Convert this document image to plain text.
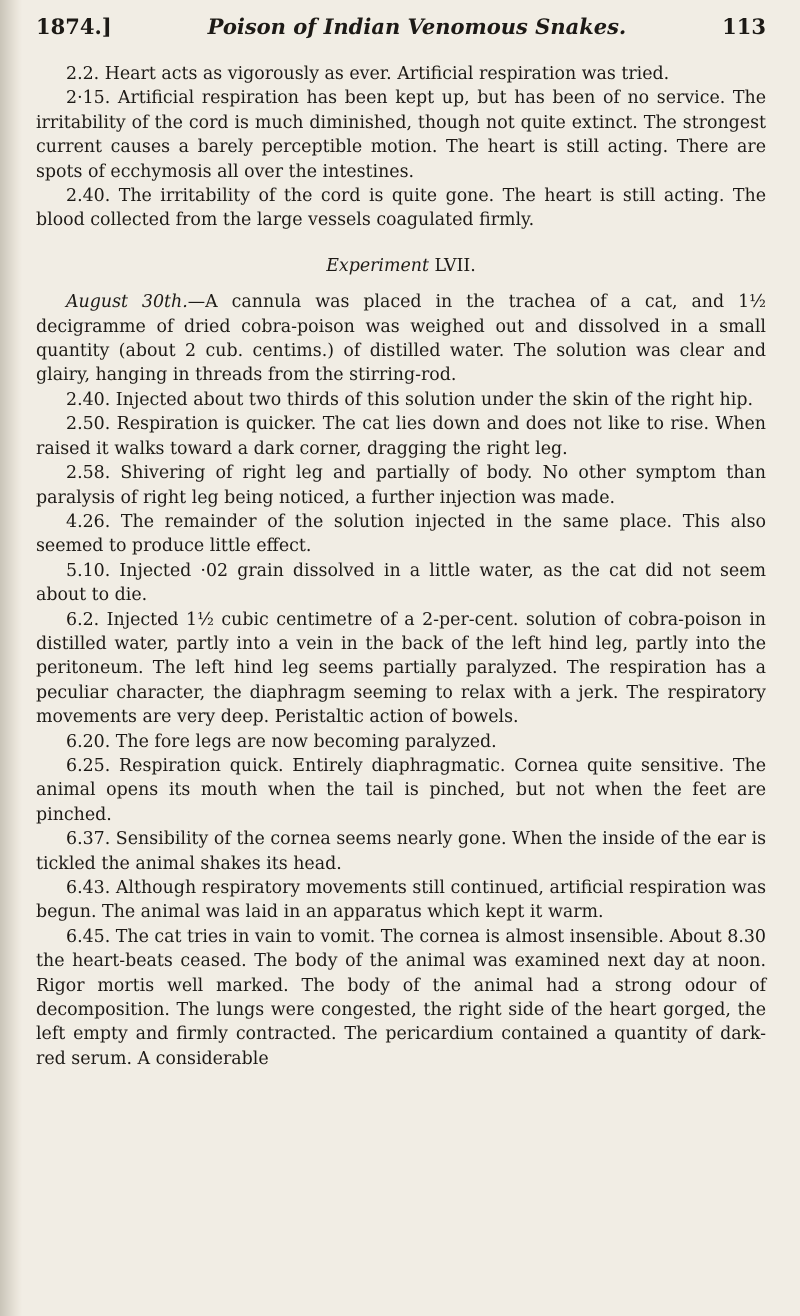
1874.]	Poison of Indian Venomous Snakes.	113

2.2. Heart acts as vigorously as ever. Artificial respiration was tried.

2·15. Artificial respiration has been kept up, but has been of no service. The irritability of the cord is much diminished, though not quite extinct. The strongest current causes a barely perceptible motion. The heart is still acting. There are spots of ecchymosis all over the intestines.

2.40. The irritability of the cord is quite gone. The heart is still acting. The blood collected from the large vessels coagulated firmly.

Experiment LVII.

August 30th.—A cannula was placed in the trachea of a cat, and 1½ decigramme of dried cobra-poison was weighed out and dissolved in a small quantity (about 2 cub. centims.) of distilled water. The solution was clear and glairy, hanging in threads from the stirring-rod.

2.40. Injected about two thirds of this solution under the skin of the right hip.

2.50. Respiration is quicker. The cat lies down and does not like to rise. When raised it walks toward a dark corner, dragging the right leg.

2.58. Shivering of right leg and partially of body. No other symptom than paralysis of right leg being noticed, a further injection was made.

4.26. The remainder of the solution injected in the same place. This also seemed to produce little effect.

5.10. Injected ·02 grain dissolved in a little water, as the cat did not seem about to die.

6.2. Injected 1½ cubic centimetre of a 2-per-cent. solution of cobra-poison in distilled water, partly into a vein in the back of the left hind leg, partly into the peritoneum. The left hind leg seems partially paralyzed. The respiration has a peculiar character, the diaphragm seeming to relax with a jerk. The respiratory movements are very deep. Peristaltic action of bowels.

6.20. The fore legs are now becoming paralyzed.

6.25. Respiration quick. Entirely diaphragmatic. Cornea quite sensitive. The animal opens its mouth when the tail is pinched, but not when the feet are pinched.

6.37. Sensibility of the cornea seems nearly gone. When the inside of the ear is tickled the animal shakes its head.

6.43. Although respiratory movements still continued, artificial respiration was begun. The animal was laid in an apparatus which kept it warm.

6.45. The cat tries in vain to vomit. The cornea is almost insensible. About 8.30 the heart-beats ceased. The body of the animal was examined next day at noon. Rigor mortis well marked. The body of the animal had a strong odour of decomposition. The lungs were congested, the right side of the heart gorged, the left empty and firmly contracted. The pericardium contained a quantity of dark-red serum. A considerable
